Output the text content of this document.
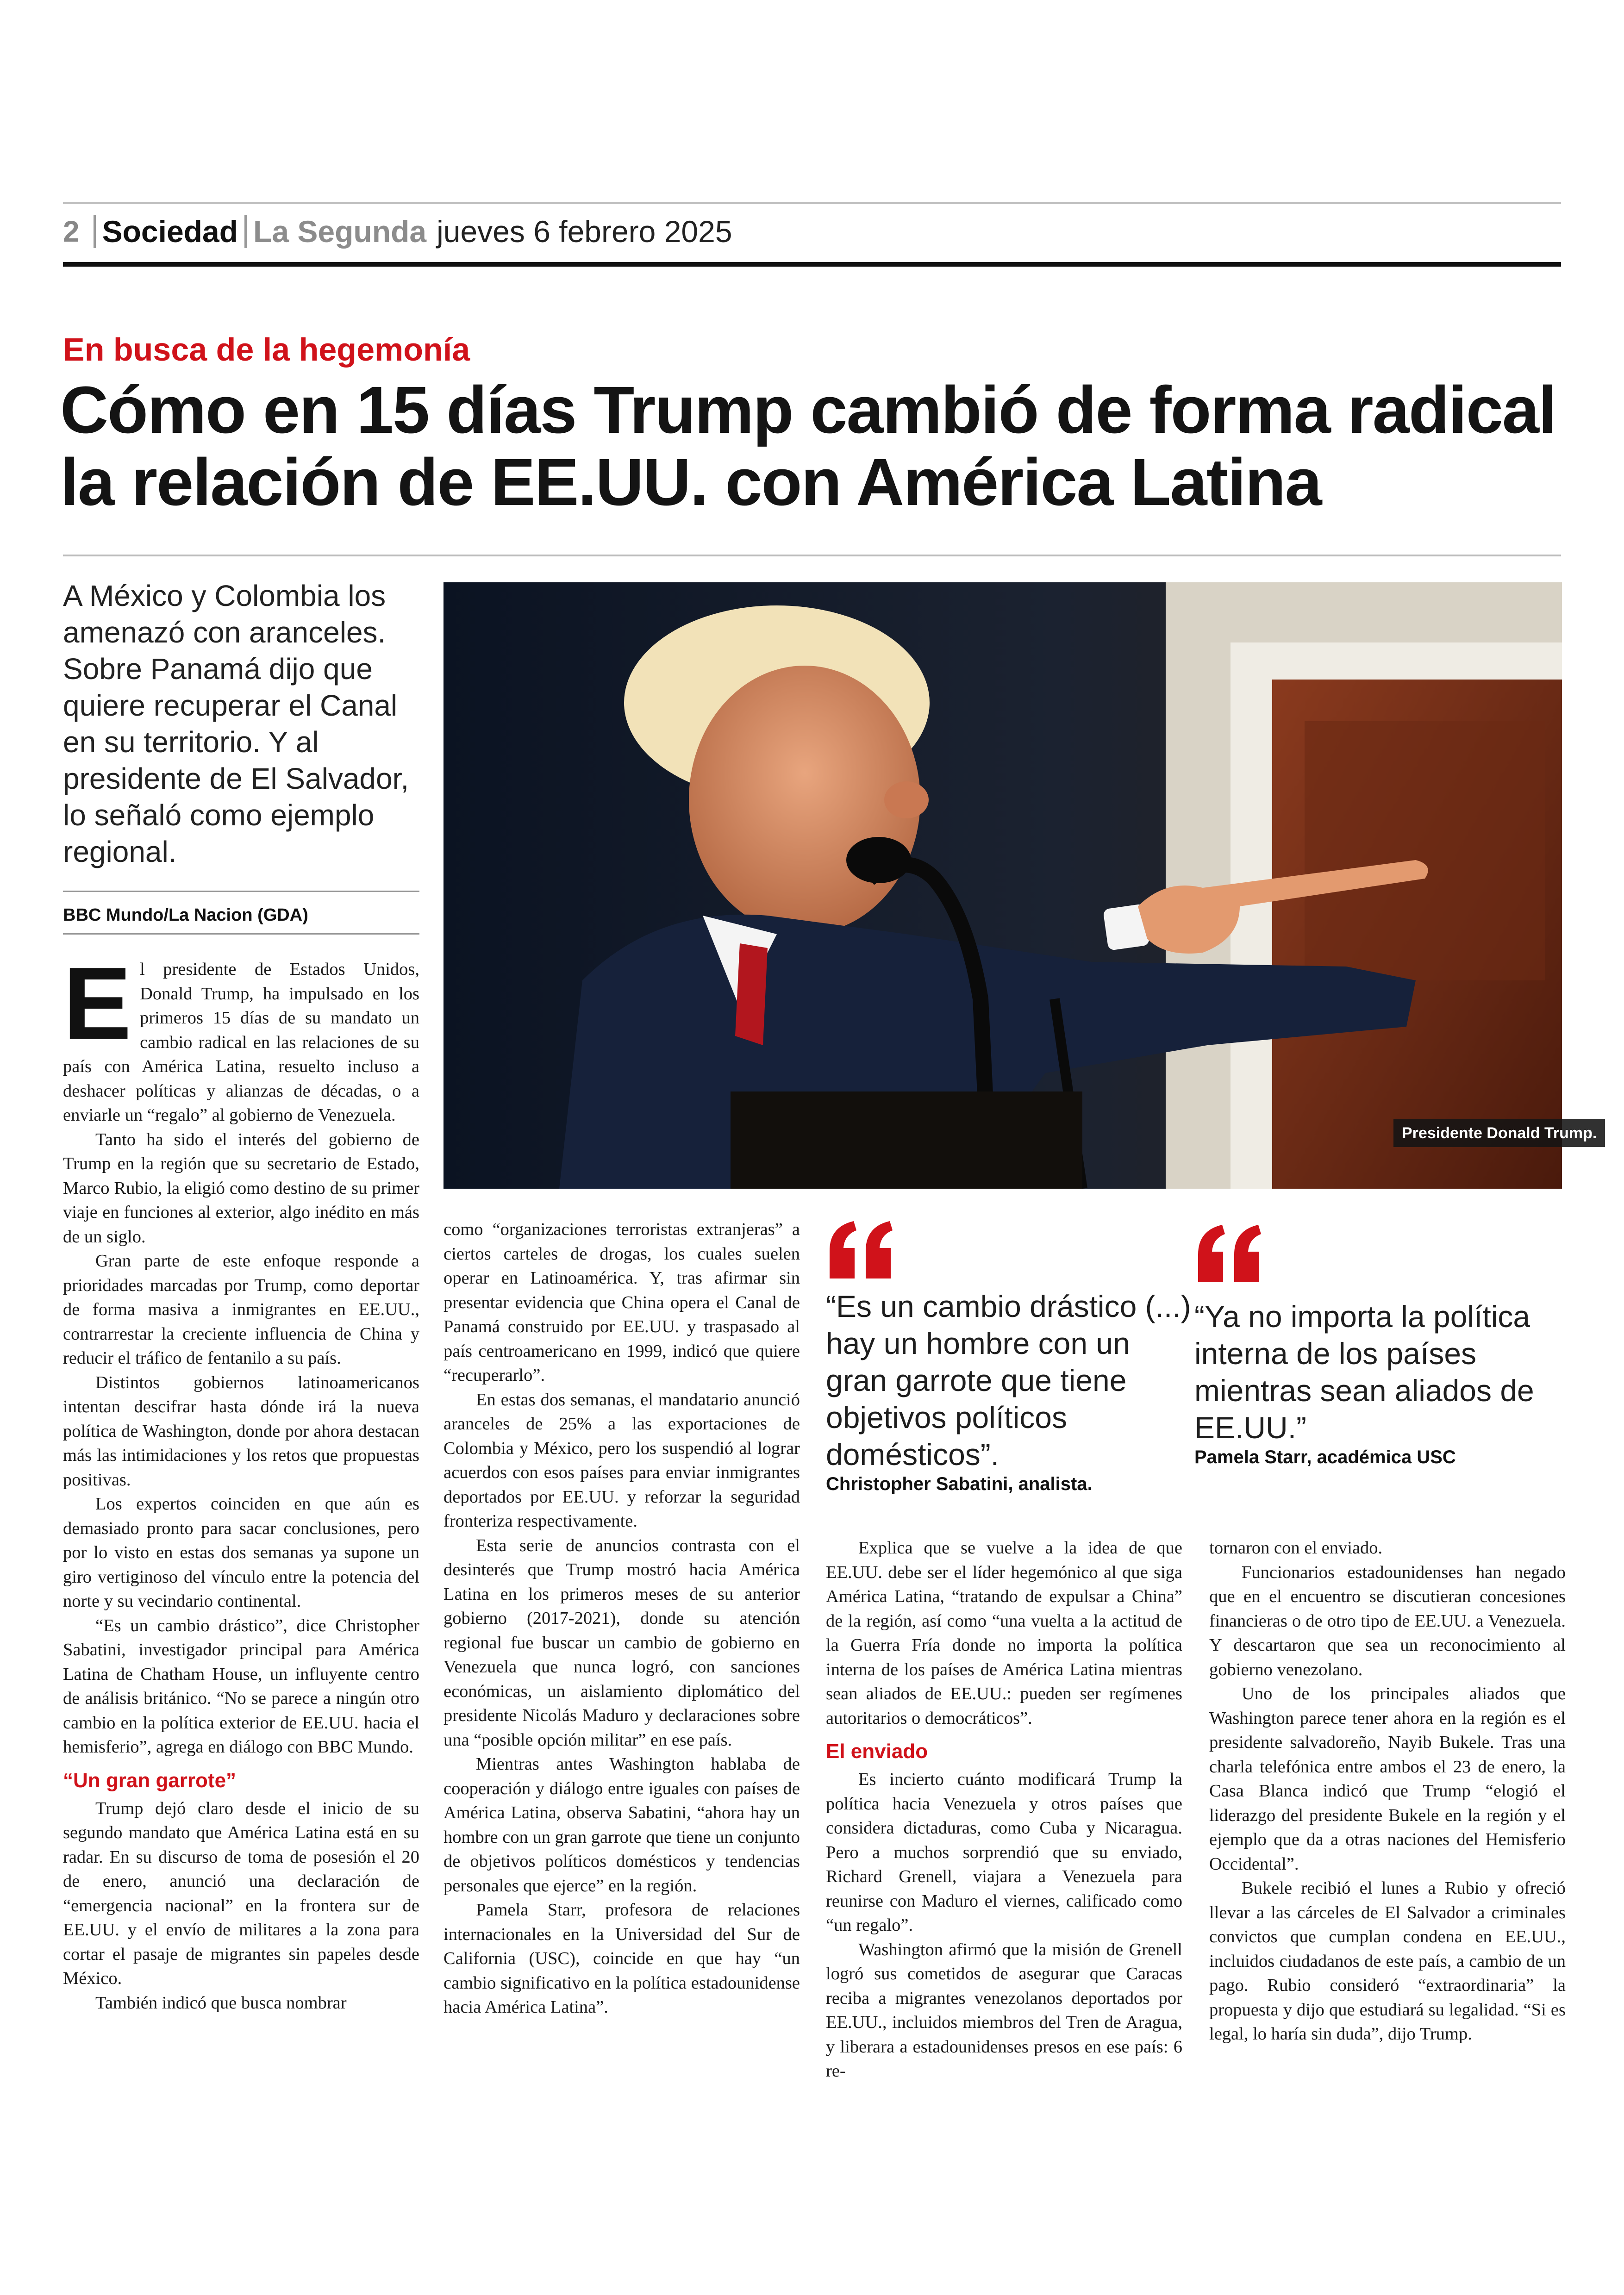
2 Sociedad La Segunda jueves 6 febrero 2025
En busca de la hegemonía
Cómo en 15 días Trump cambió de forma radical la relación de EE.UU. con América Latina
A México y Colombia los amenazó con aranceles. Sobre Panamá dijo que quiere recuperar el Canal en su territorio. Y al presidente de El Salvador, lo señaló como ejemplo regional.
BBC Mundo/La Nacion (GDA)
Presidente Donald Trump.
E l presidente de Estados Unidos, Donald Trump, ha impulsado en los primeros 15 días de su mandato un cambio radical en las relaciones de su país con América Latina, resuelto incluso a deshacer políticas y alianzas de décadas, o a enviarle un “regalo” al gobierno de Venezuela.

Tanto ha sido el interés del gobierno de Trump en la región que su secretario de Estado, Marco Rubio, la eligió como destino de su primer viaje en funciones al exterior, algo inédito en más de un siglo.

Gran parte de este enfoque responde a prioridades marcadas por Trump, como deportar de forma masiva a inmigrantes en EE.UU., contrarrestar la creciente influencia de China y reducir el tráfico de fentanilo a su país.

Distintos gobiernos latinoamericanos intentan descifrar hasta dónde irá la nueva política de Washington, donde por ahora destacan más las intimidaciones y los retos que propuestas positivas.

Los expertos coinciden en que aún es demasiado pronto para sacar conclusiones, pero por lo visto en estas dos semanas ya supone un giro vertiginoso del vínculo entre la potencia del norte y su vecindario continental.

“Es un cambio drástico”, dice Christopher Sabatini, investigador principal para América Latina de Chatham House, un influyente centro de análisis británico. “No se parece a ningún otro cambio en la política exterior de EE.UU. hacia el hemisferio”, agrega en diálogo con BBC Mundo.

“Un gran garrote”

Trump dejó claro desde el inicio de su segundo mandato que América Latina está en su radar. En su discurso de toma de posesión el 20 de enero, anunció una declaración de “emergencia nacional” en la frontera sur de EE.UU. y el envío de militares a la zona para cortar el pasaje de migrantes sin papeles desde México.

También indicó que busca nombrar

como “organizaciones terroristas extranjeras” a ciertos carteles de drogas, los cuales suelen operar en Latinoamérica. Y, tras afirmar sin presentar evidencia que China opera el Canal de Panamá construido por EE.UU. y traspasado al país centroamericano en 1999, indicó que quiere “recuperarlo”.

En estas dos semanas, el mandatario anunció aranceles de 25% a las exportaciones de Colombia y México, pero los suspendió al lograr acuerdos con esos países para enviar inmigrantes deportados por EE.UU. y reforzar la seguridad fronteriza respectivamente.

Esta serie de anuncios contrasta con el desinterés que Trump mostró hacia América Latina en los primeros meses de su anterior gobierno (2017-2021), donde su atención regional fue buscar un cambio de gobierno en Venezuela que nunca logró, con sanciones económicas, un aislamiento diplomático del presidente Nicolás Maduro y declaraciones sobre una “posible opción militar” en ese país.

Mientras antes Washington hablaba de cooperación y diálogo entre iguales con países de América Latina, observa Sabatini, “ahora hay un hombre con un gran garrote que tiene un conjunto de objetivos políticos domésticos y tendencias personales que ejerce” en la región.

Pamela Starr, profesora de relaciones internacionales en la Universidad del Sur de California (USC), coincide en que hay “un cambio significativo en la política estadounidense hacia América Latina”.

“Es un cambio drástico (...) hay un hombre con un gran garrote que tiene objetivos políticos domésticos”.
Christopher Sabatini, analista.
“Ya no importa la política interna de los países mientras sean aliados de EE.UU.”
Pamela Starr, académica USC

Explica que se vuelve a la idea de que EE.UU. debe ser el líder hegemónico al que siga América Latina, “tratando de expulsar a China” de la región, así como “una vuelta a la actitud de la Guerra Fría donde no importa la política interna de los países de América Latina mientras sean aliados de EE.UU.: pueden ser regímenes autoritarios o democráticos”.

El enviado

Es incierto cuánto modificará Trump la política hacia Venezuela y otros países que considera dictaduras, como Cuba y Nicaragua. Pero a muchos sorprendió que su enviado, Richard Grenell, viajara a Venezuela para reunirse con Maduro el viernes, calificado como “un regalo”.

Washington afirmó que la misión de Grenell logró sus cometidos de asegurar que Caracas reciba a migrantes venezolanos deportados por EE.UU., incluidos miembros del Tren de Aragua, y liberara a estadounidenses presos en ese país: 6 re-

tornaron con el enviado.

Funcionarios estadounidenses han negado que en el encuentro se discutieran concesiones financieras o de otro tipo de EE.UU. a Venezuela. Y descartaron que sea un reconocimiento al gobierno venezolano.

Uno de los principales aliados que Washington parece tener ahora en la región es el presidente salvadoreño, Nayib Bukele. Tras una charla telefónica entre ambos el 23 de enero, la Casa Blanca indicó que Trump “elogió el liderazgo del presidente Bukele en la región y el ejemplo que da a otras naciones del Hemisferio Occidental”.

Bukele recibió el lunes a Rubio y ofreció llevar a las cárceles de El Salvador a criminales convictos que cumplan condena en EE.UU., incluidos ciudadanos de este país, a cambio de un pago. Rubio consideró “extraordinaria” la propuesta y dijo que estudiará su legalidad. “Si es legal, lo haría sin duda”, dijo Trump.
